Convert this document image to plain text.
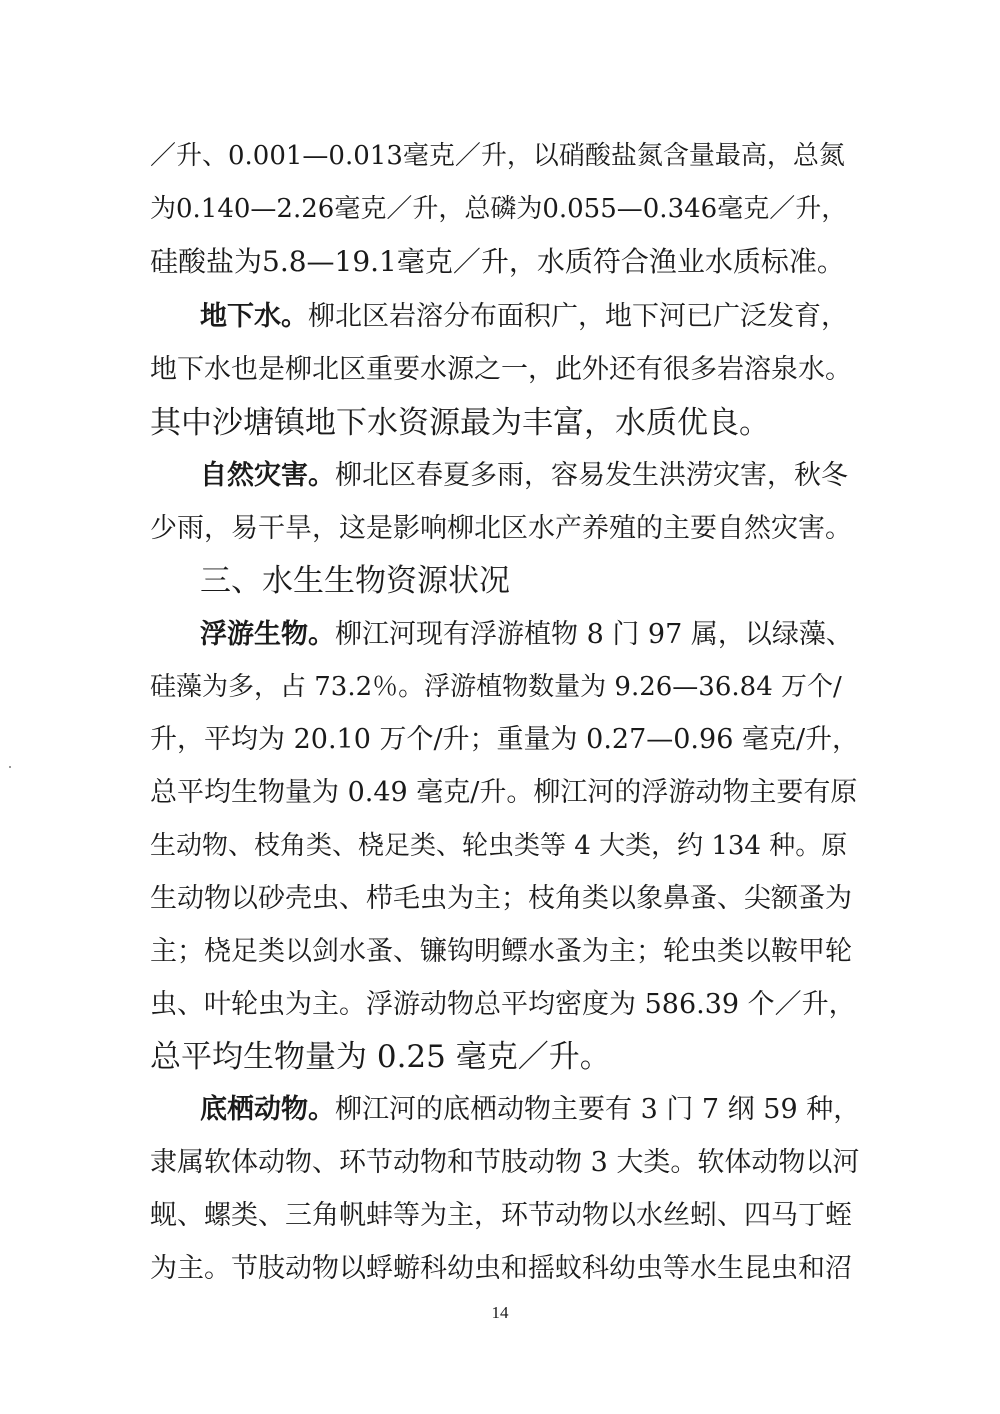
／升、0.001—0.013毫克／升，以硝酸盐氮含量最高，总氮
为0.140—2.26毫克／升，总磷为0.055—0.346毫克／升，
硅酸盐为5.8—19.1毫克／升，水质符合渔业水质标准。
地下水。柳北区岩溶分布面积广，地下河已广泛发育，
地下水也是柳北区重要水源之一，此外还有很多岩溶泉水。
其中沙塘镇地下水资源最为丰富，水质优良。
自然灾害。柳北区春夏多雨，容易发生洪涝灾害，秋冬
少雨，易干旱，这是影响柳北区水产养殖的主要自然灾害。
三、水生生物资源状况
浮游生物。柳江河现有浮游植物 8 门 97 属，以绿藻、
硅藻为多，占 73.2％。浮游植物数量为 9.26—36.84 万个/
升，平均为 20.10 万个/升；重量为 0.27—0.96 毫克/升，
总平均生物量为 0.49 毫克/升。柳江河的浮游动物主要有原
生动物、枝角类、桡足类、轮虫类等 4 大类，约 134 种。原
生动物以砂壳虫、栉毛虫为主；枝角类以象鼻蚤、尖额蚤为
主；桡足类以剑水蚤、镰钩明鳔水蚤为主；轮虫类以鞍甲轮
虫、叶轮虫为主。浮游动物总平均密度为 586.39 个／升，
总平均生物量为 0.25 毫克／升。
底栖动物。柳江河的底栖动物主要有 3 门 7 纲 59 种，
隶属软体动物、环节动物和节肢动物 3 大类。软体动物以河
蚬、螺类、三角帆蚌等为主，环节动物以水丝蚓、四马丁蛭
为主。节肢动物以蜉蝣科幼虫和摇蚊科幼虫等水生昆虫和沼
14
